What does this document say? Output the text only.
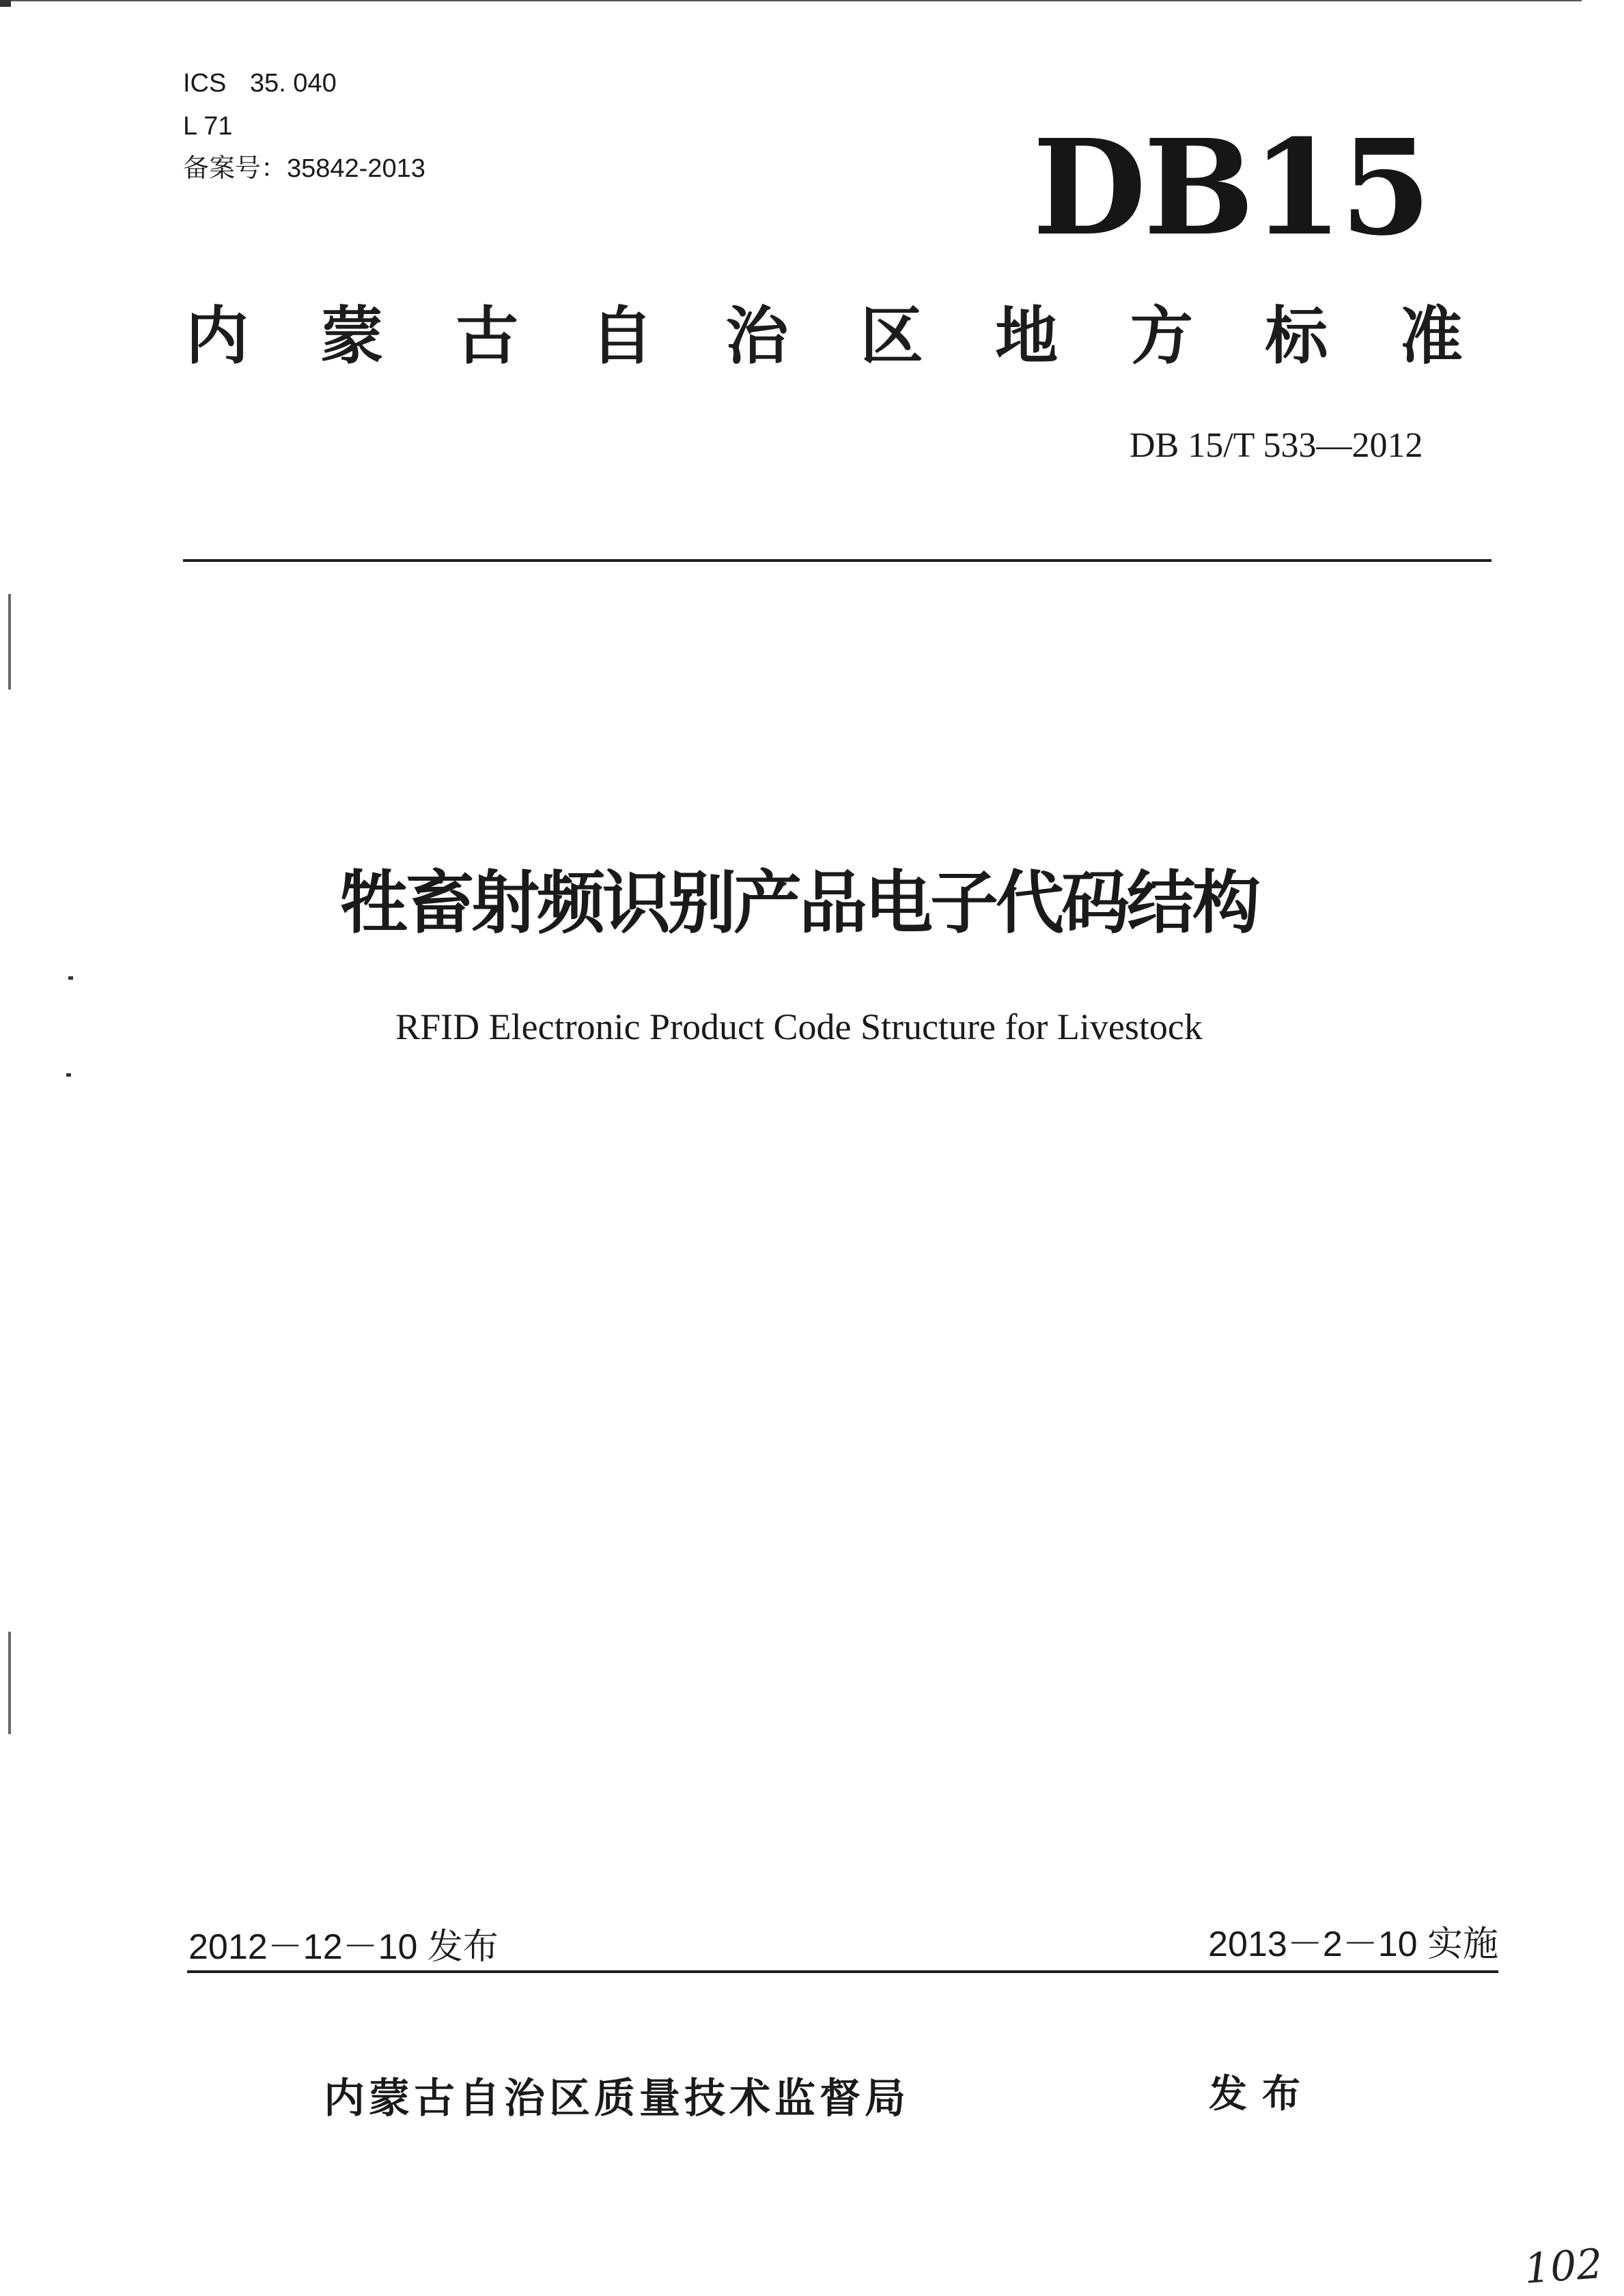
ICS 35. 040
L 71
备案号：35842-2013	DB15
内 蒙 古 自 治 区 地 方 标 准
DB 15/T 533—2012
牲畜射频识别产品电子代码结构
RFID Electronic Product Code Structure for Livestock
2012－12－10 发布	2013－2－10 实施
内蒙古自治区质量技术监督局	发布
102
